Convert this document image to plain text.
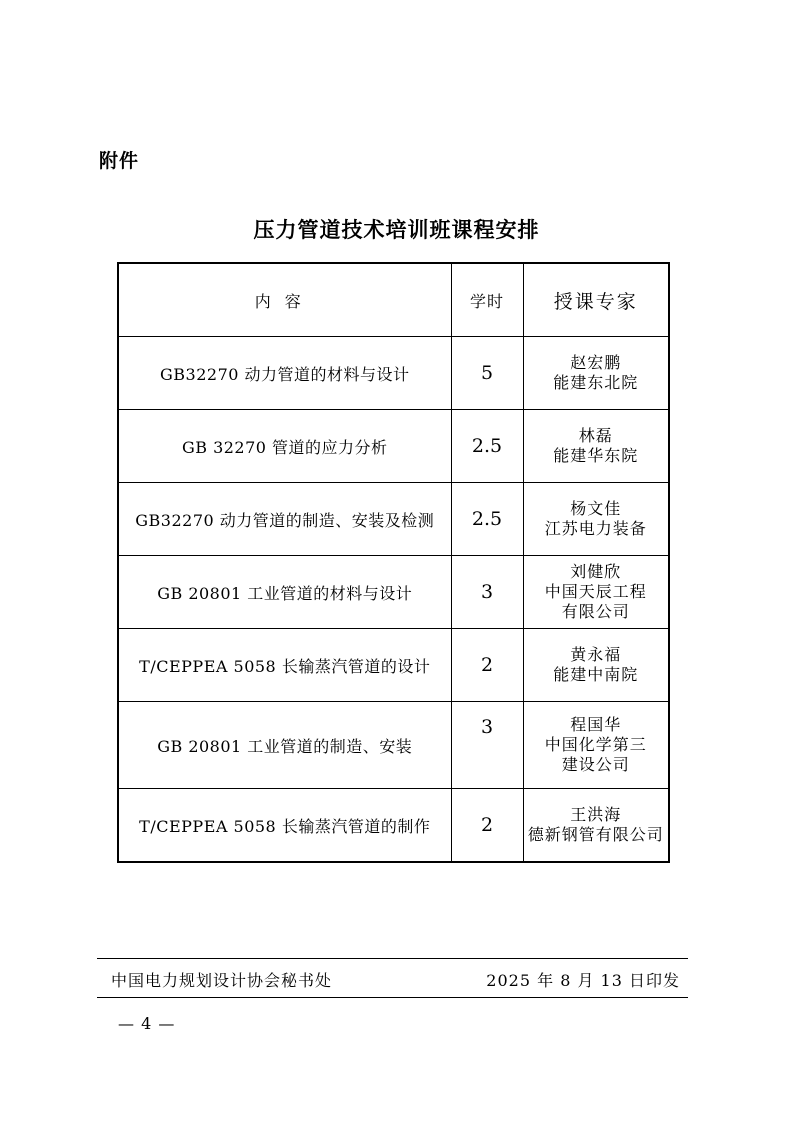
附件
压力管道技术培训班课程安排
内容	学时	授课专家
GB32270 动力管道的材料与设计	5	赵宏鹏
能建东北院

GB 32270 管道的应力分析	2.5	林磊
能建华东院

GB32270 动力管道的制造、安装及检测	2.5	杨文佳
江苏电力装备

GB 20801 工业管道的材料与设计	3	刘健欣
中国天辰工程
有限公司

T/CEPPEA 5058 长输蒸汽管道的设计	2	黄永福
能建中南院

GB 20801 工业管道的制造、安装	3	程国华
中国化学第三
建设公司

T/CEPPEA 5058 长输蒸汽管道的制作	2	王洪海
德新钢管有限公司
中国电力规划设计协会秘书处	2025 年 8 月 13 日印发
— 4 —
